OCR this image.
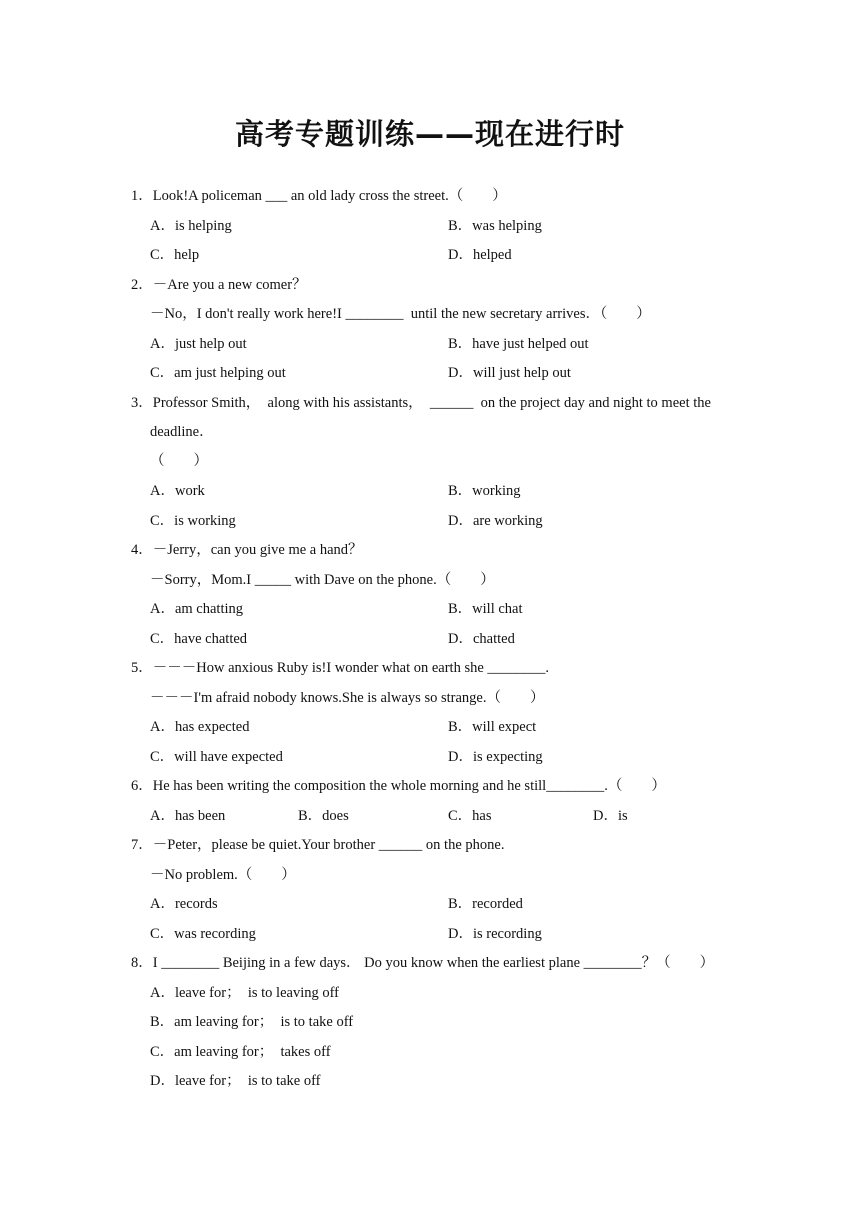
高考专题训练——现在进行时
1．Look!A policeman ___ an old lady cross the street.（　　）
A．is helping	B．was helping
C．help	D．helped
2．－Are you a new comer？
－No，I don't really work here!I ________  until the new secretary arrives．（　　）
A．just help out	B．have just helped out
C．am just helping out	D．will just help out
3．Professor Smith，  along with his assistants，  ______  on the project day and night to meet the
deadline．
（　　）
A．work	B．working
C．is working	D．are working
4．－Jerry，can you give me a hand？
－Sorry，Mom.I _____ with Dave on the phone.（　　）
A．am chatting	B．will chat
C．have chatted	D．chatted
5．－－－How anxious Ruby is!I wonder what on earth she ________.
－－－I'm afraid nobody knows.She is always so strange.（　　）
A．has expected	B．will expect
C．will have expected	D．is expecting
6．He has been writing the composition the whole morning and he still________.（　　）
A．has been	B．does	C．has	D．is
7．－Peter，please be quiet.Your brother ______ on the phone.
－No problem.（　　）
A．records	B．recorded
C．was recording	D．is recording
8．I ________ Beijing in a few days． Do you know when the earliest plane ________？（　　）
A．leave for；  is to leaving off
B．am leaving for；  is to take off
C．am leaving for；  takes off
D．leave for；  is to take off
